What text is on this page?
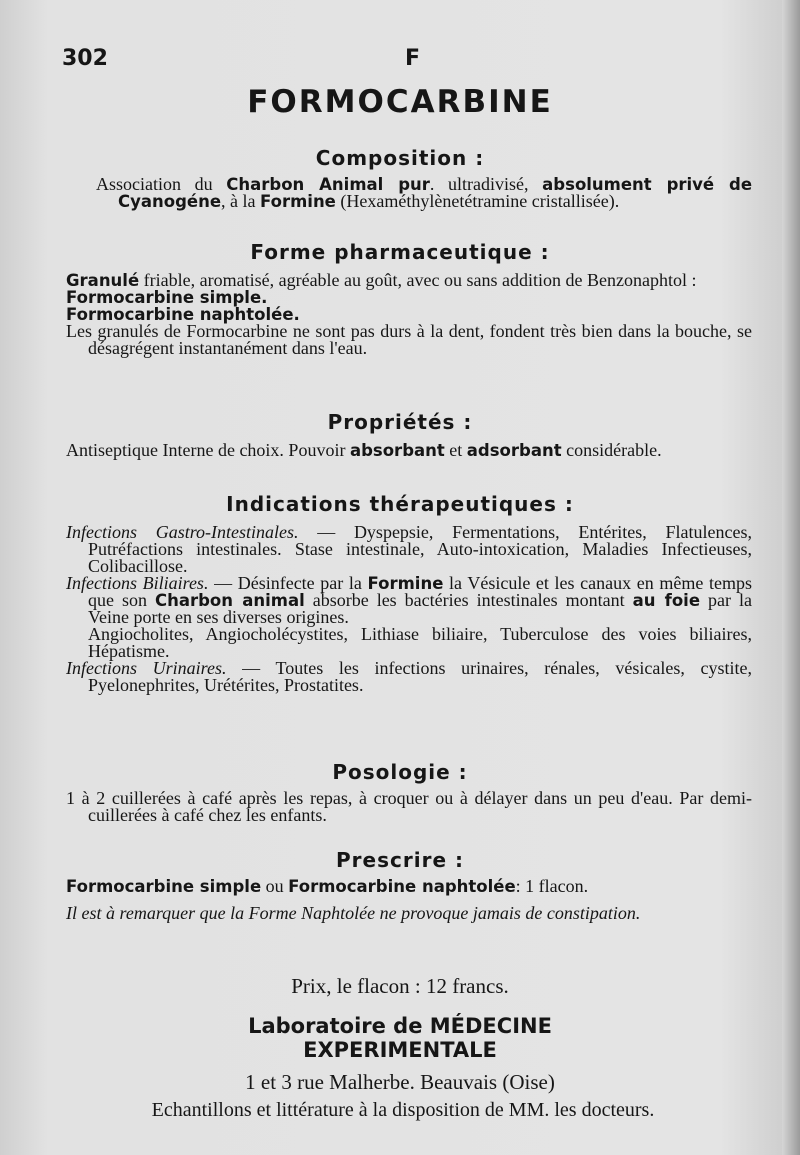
302	F
FORMOCARBINE
Composition :

Association du Charbon Animal pur. ultradivisé, absolument privé de Cyanogéne, à la Formine (Hexaméthylènetétramine cristallisée).

Forme pharmaceutique :

Granulé friable, aromatisé, agréable au goût, avec ou sans addition de Benzonaphtol :

Formocarbine simple.

Formocarbine naphtolée.

Les granulés de Formocarbine ne sont pas durs à la dent, fondent très bien dans la bouche, se désagrégent instantanément dans l'eau.

Propriétés :

Antiseptique Interne de choix. Pouvoir absorbant et adsorbant considérable.

Indications thérapeutiques :

Infections Gastro-Intestinales. — Dyspepsie, Fermentations, Entérites, Flatulences, Putréfactions intestinales. Stase intestinale, Auto-intoxication, Maladies Infectieuses, Colibacillose.

Infections Biliaires. — Désinfecte par la Formine la Vésicule et les canaux en même temps que son Charbon animal absorbe les bactéries intestinales montant au foie par la Veine porte en ses diverses origines.

Angiocholites, Angiocholécystites, Lithiase biliaire, Tuberculose des voies biliaires, Hépatisme.

Infections Urinaires. — Toutes les infections urinaires, rénales, vésicales, cystite, Pyelonephrites, Urétérites, Prostatites.

Posologie :

1 à 2 cuillerées à café après les repas, à croquer ou à délayer dans un peu d'eau. Par demi-cuillerées à café chez les enfants.

Prescrire :

Formocarbine simple ou Formocarbine naphtolée: 1 flacon.

Il est à remarquer que la Forme Naphtolée ne provoque jamais de constipation.

Prix, le flacon : 12 francs.
Laboratoire de MÉDECINE
EXPERIMENTALE
1 et 3 rue Malherbe. Beauvais (Oise)

Echantillons et littérature à la disposition de MM. les docteurs.
